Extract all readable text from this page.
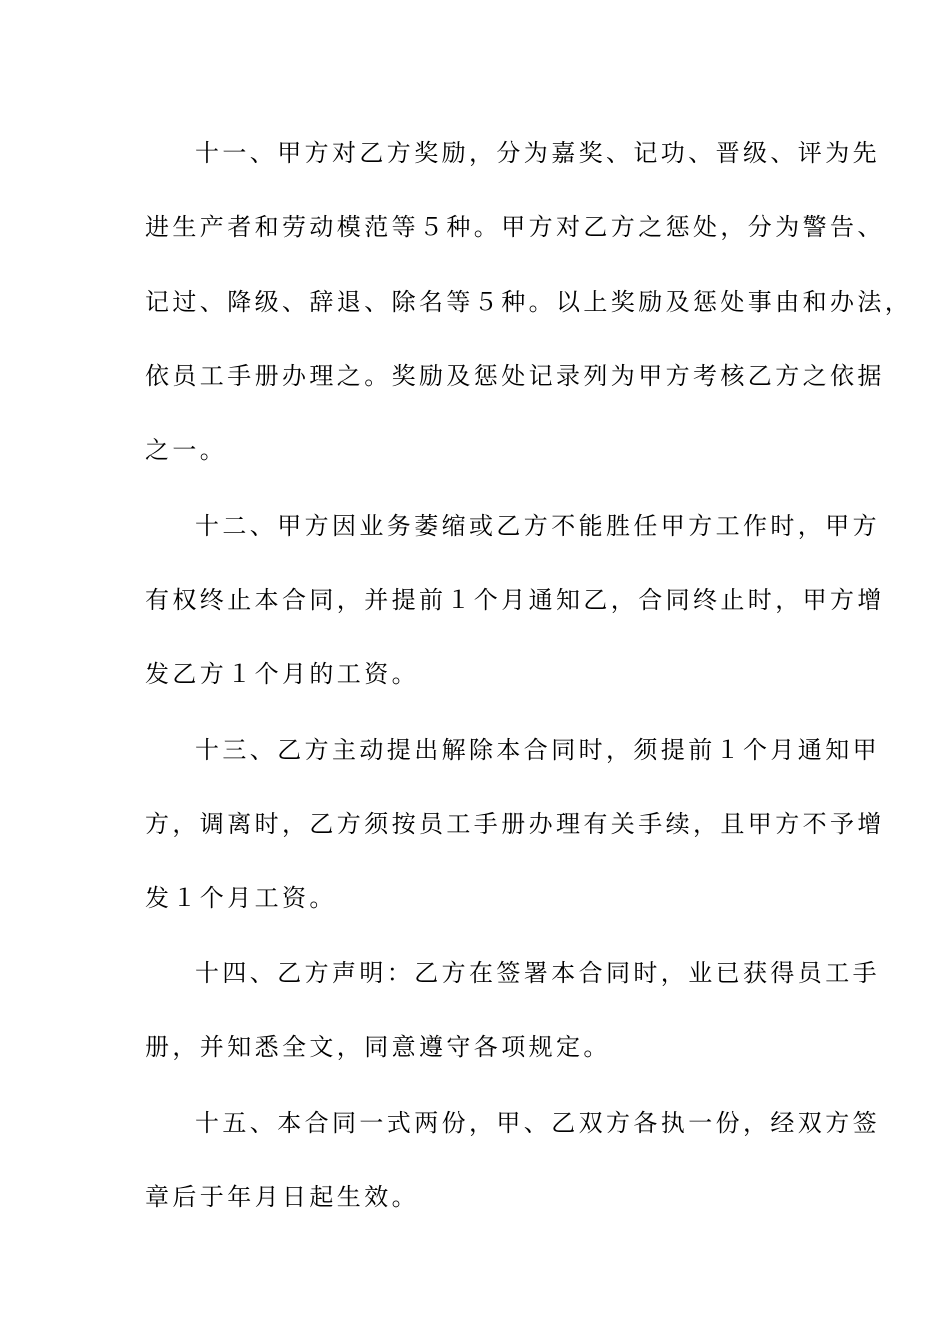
十一、甲方对乙方奖励，分为嘉奖、记功、晋级、评为先

进生产者和劳动模范等５种。甲方对乙方之惩处，分为警告、

记过、降级、辞退、除名等５种。以上奖励及惩处事由和办法，

依员工手册办理之。奖励及惩处记录列为甲方考核乙方之依据

之一。

十二、甲方因业务萎缩或乙方不能胜任甲方工作时，甲方

有权终止本合同，并提前１个月通知乙，合同终止时，甲方增

发乙方１个月的工资。

十三、乙方主动提出解除本合同时，须提前１个月通知甲

方，调离时，乙方须按员工手册办理有关手续，且甲方不予增

发１个月工资。

十四、乙方声明：乙方在签署本合同时，业已获得员工手

册，并知悉全文，同意遵守各项规定。

十五、本合同一式两份，甲、乙双方各执一份，经双方签

章后于年月日起生效。
